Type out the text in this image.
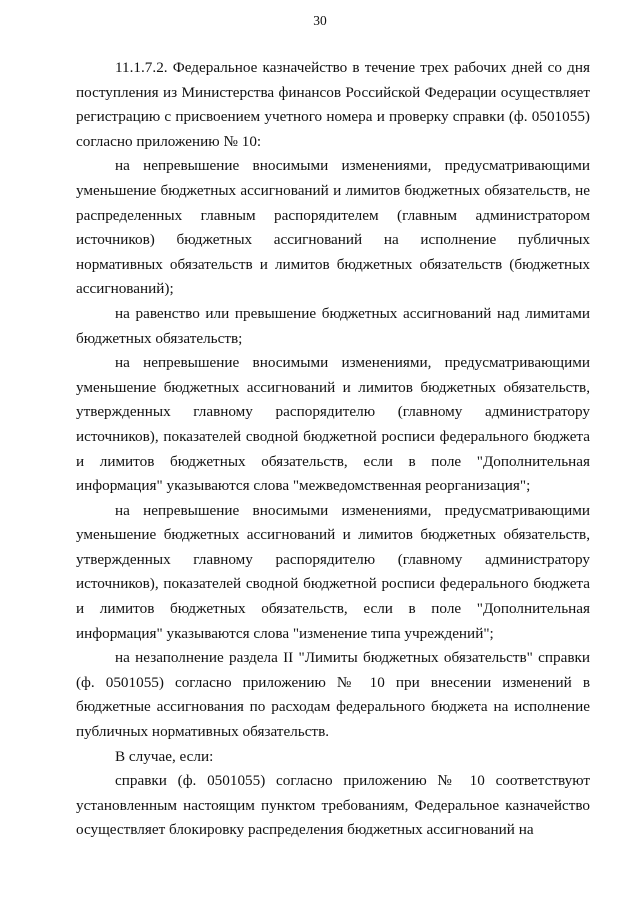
30

11.1.7.2. Федеральное казначейство в течение трех рабочих дней со дня поступления из Министерства финансов Российской Федерации осуществляет регистрацию с присвоением учетного номера и проверку справки (ф. 0501055) согласно приложению № 10:

на непревышение вносимыми изменениями, предусматривающими уменьшение бюджетных ассигнований и лимитов бюджетных обязательств, не распределенных главным распорядителем (главным администратором источников) бюджетных ассигнований на исполнение публичных нормативных обязательств и лимитов бюджетных обязательств (бюджетных ассигнований);

на равенство или превышение бюджетных ассигнований над лимитами бюджетных обязательств;

на непревышение вносимыми изменениями, предусматривающими уменьшение бюджетных ассигнований и лимитов бюджетных обязательств, утвержденных главному распорядителю (главному администратору источников), показателей сводной бюджетной росписи федерального бюджета и лимитов бюджетных обязательств, если в поле "Дополнительная информация" указываются слова "межведомственная реорганизация";

на непревышение вносимыми изменениями, предусматривающими уменьшение бюджетных ассигнований и лимитов бюджетных обязательств, утвержденных главному распорядителю (главному администратору источников), показателей сводной бюджетной росписи федерального бюджета и лимитов бюджетных обязательств, если в поле "Дополнительная информация" указываются слова "изменение типа учреждений";

на незаполнение раздела II "Лимиты бюджетных обязательств" справки (ф. 0501055) согласно приложению № 10 при внесении изменений в бюджетные ассигнования по расходам федерального бюджета на исполнение публичных нормативных обязательств.

В случае, если:

справки (ф. 0501055) согласно приложению № 10 соответствуют установленным настоящим пунктом требованиям, Федеральное казначейство осуществляет блокировку распределения бюджетных ассигнований на
